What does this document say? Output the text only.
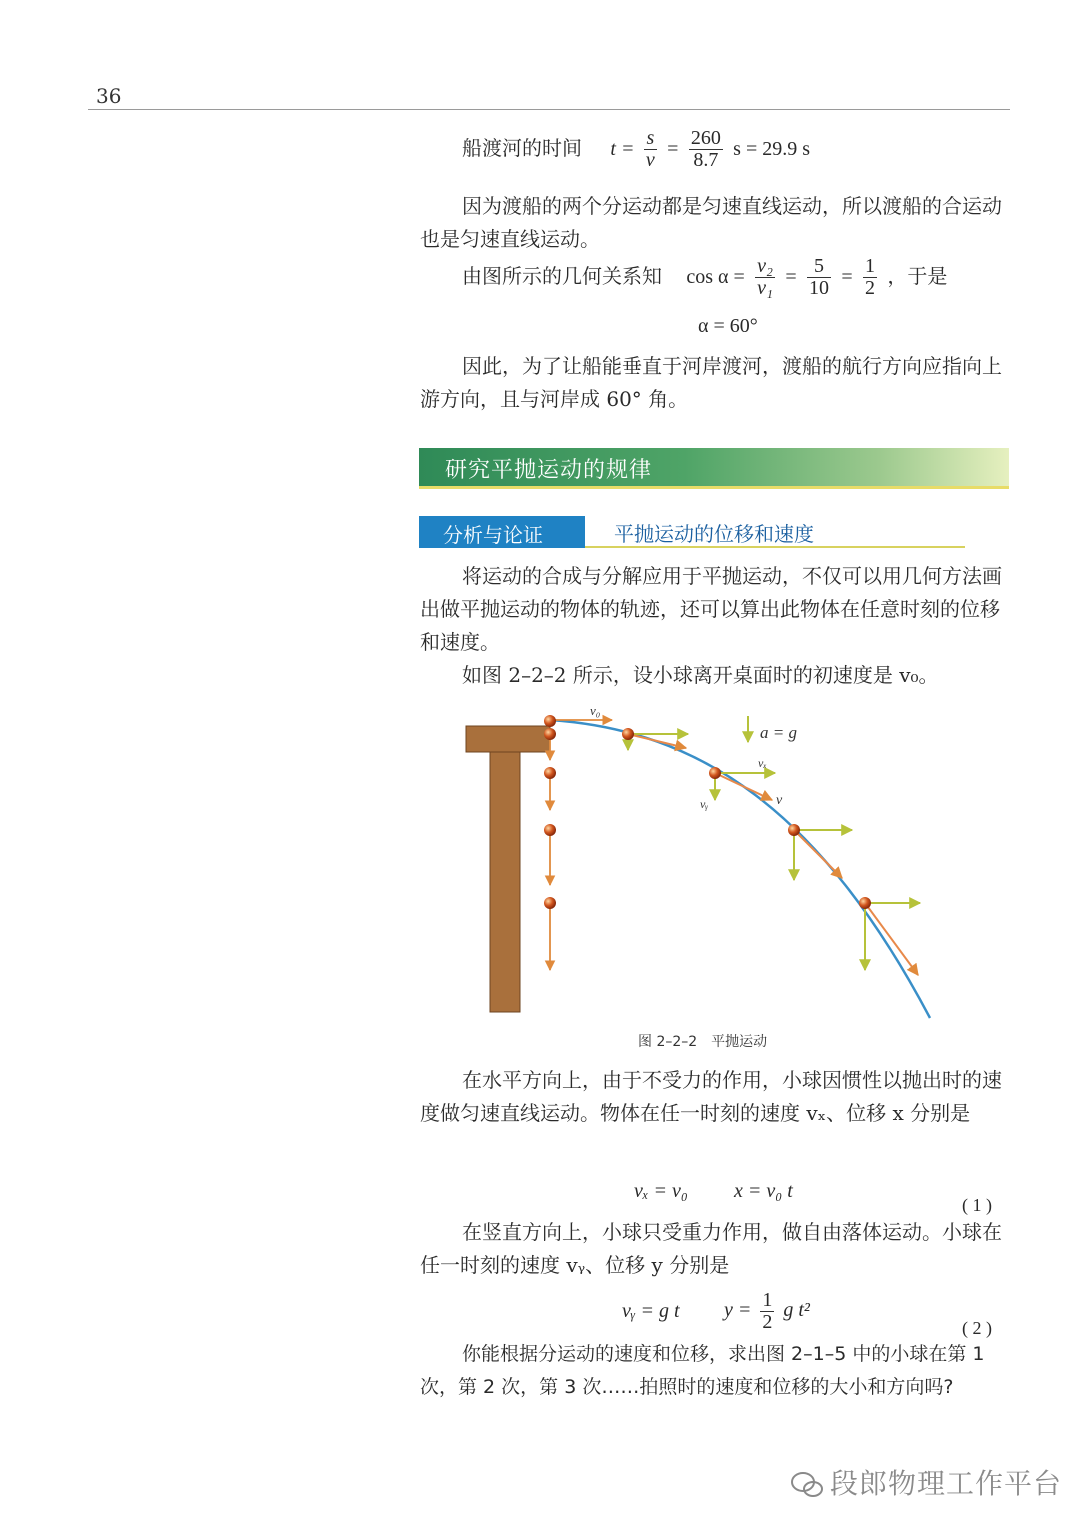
36
船渡河的时间 $t = \frac{s}{v} = \frac{260}{8.7}$ s = 29.9 s
因为渡船的两个分运动都是匀速直线运动，所以渡船的合运动也是匀速直线运动。
由图所示的几何关系知 $\cos \alpha = \frac{\text{v₂}}{\text{v₁}} = \frac{5}{10} = \frac{1}{2}$ ，于是
α = 60°
因此，为了让船能垂直于河岸渡河，渡船的航行方向应指向上游方向，且与河岸成 60° 角。
研究平抛运动的规律
分析与论证	平抛运动的位移和速度
将运动的合成与分解应用于平抛运动，不仅可以用几何方法画出做平抛运动的物体的轨迹，还可以算出此物体在任意时刻的位移和速度。
如图 2–2–2 所示，设小球离开桌面时的初速度是 v₀。
a = g
v₀
vₓ
vᵧ	v
图 2–2–2　平抛运动
在水平方向上，由于不受力的作用，小球因惯性以抛出时的速度做匀速直线运动。物体在任一时刻的速度 vₓ、位移 x 分别是
vₓ = v₀ x = v₀ t
( 1 )
在竖直方向上，小球只受重力作用，做自由落体运动。小球在任一时刻的速度 vᵧ、位移 y 分别是
vᵧ = g t $y = \frac{1}{2}$ g t²
( 2 )
你能根据分运动的速度和位移，求出图 2–1–5 中的小球在第 1 次，第 2 次，第 3 次……拍照时的速度和位移的大小和方向吗?
段郎物理工作平台
